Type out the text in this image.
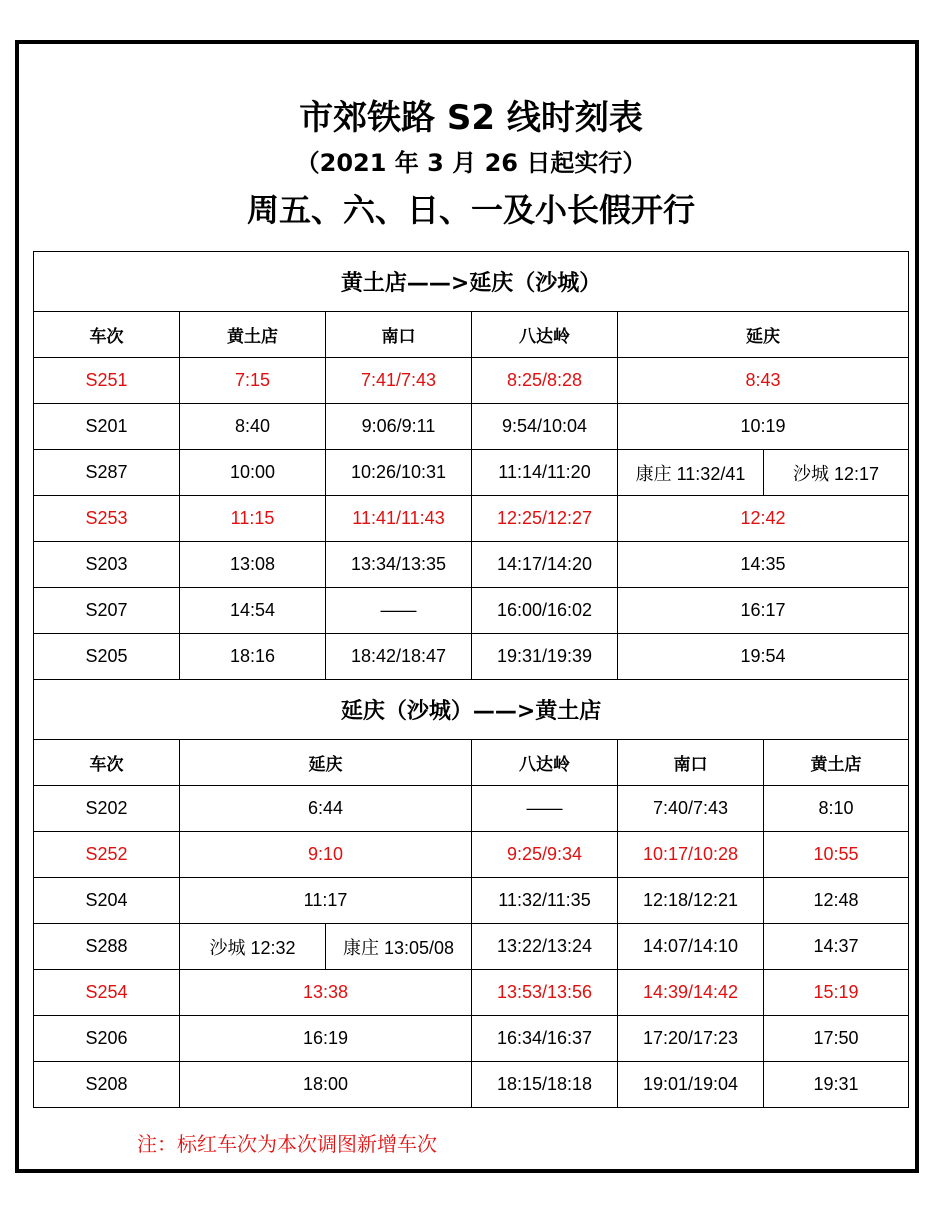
市郊铁路 S2 线时刻表
（2021 年 3 月 26 日起实行）
周五、六、日、一及小长假开行
黄土店——>延庆（沙城）					
车次	黄土店	南口	八达岭	延庆	
S251	7:15	7:41/7:43	8:25/8:28	8:43	
S201	8:40	9:06/9:11	9:54/10:04	10:19	
S287	10:00	10:26/10:31	11:14/11:20	康庄 11:32/41	沙城 12:17
S253	11:15	11:41/11:43	12:25/12:27	12:42	
S203	13:08	13:34/13:35	14:17/14:20	14:35	
S207	14:54	——	16:00/16:02	16:17	
S205	18:16	18:42/18:47	19:31/19:39	19:54	
延庆（沙城）——>黄土店					
车次	延庆		八达岭	南口	黄土店
S202	6:44		——	7:40/7:43	8:10
S252	9:10		9:25/9:34	10:17/10:28	10:55
S204	11:17		11:32/11:35	12:18/12:21	12:48
S288	沙城 12:32	康庄 13:05/08	13:22/13:24	14:07/14:10	14:37
S254	13:38		13:53/13:56	14:39/14:42	15:19
S206	16:19		16:34/16:37	17:20/17:23	17:50
S208	18:00		18:15/18:18	19:01/19:04	19:31
注：标红车次为本次调图新增车次
